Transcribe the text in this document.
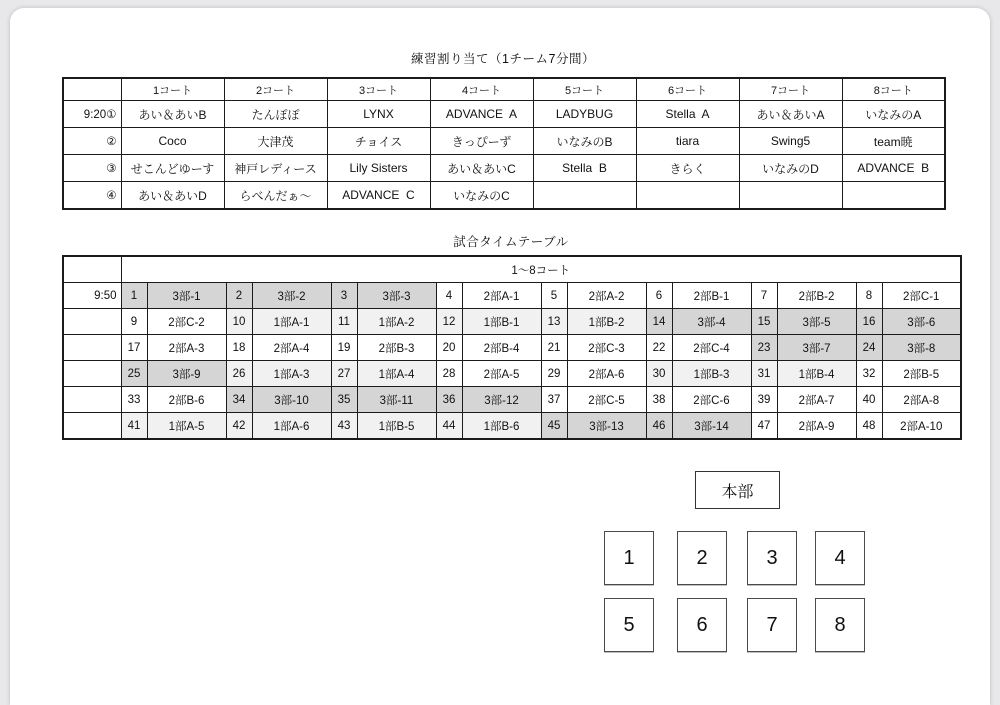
練習割り当て（1チーム7分間）
	1コート	2コート	3コート	4コート	5コート	6コート	7コート	8コート
9:20①	あい＆あいB	たんぽぽ	LYNX	ADVANCE  A	LADYBUG	Stella  A	あい＆あいA	いなみのA
②	Coco	大津茂	チョイス	きっぴーず	いなみのB	tiara	Swing5	team暁
③	せこんどゆーす	神戸レディース	Lily Sisters	あい＆あいC	Stella  B	きらく	いなみのD	ADVANCE  B
④	あい＆あいD	らべんだぁ～	ADVANCE  C	いなみのC				
試合タイムテーブル
	1～8コート															
9:50	1	3部-1	2	3部-2	3	3部-3	4	2部A-1	5	2部A-2	6	2部B-1	7	2部B-2	8	2部C-1
	9	2部C-2	10	1部A-1	11	1部A-2	12	1部B-1	13	1部B-2	14	3部-4	15	3部-5	16	3部-6
	17	2部A-3	18	2部A-4	19	2部B-3	20	2部B-4	21	2部C-3	22	2部C-4	23	3部-7	24	3部-8
	25	3部-9	26	1部A-3	27	1部A-4	28	2部A-5	29	2部A-6	30	1部B-3	31	1部B-4	32	2部B-5
	33	2部B-6	34	3部-10	35	3部-11	36	3部-12	37	2部C-5	38	2部C-6	39	2部A-7	40	2部A-8
	41	1部A-5	42	1部A-6	43	1部B-5	44	1部B-6	45	3部-13	46	3部-14	47	2部A-9	48	2部A-10
本部
1	2	3	4
5	6	7	8
